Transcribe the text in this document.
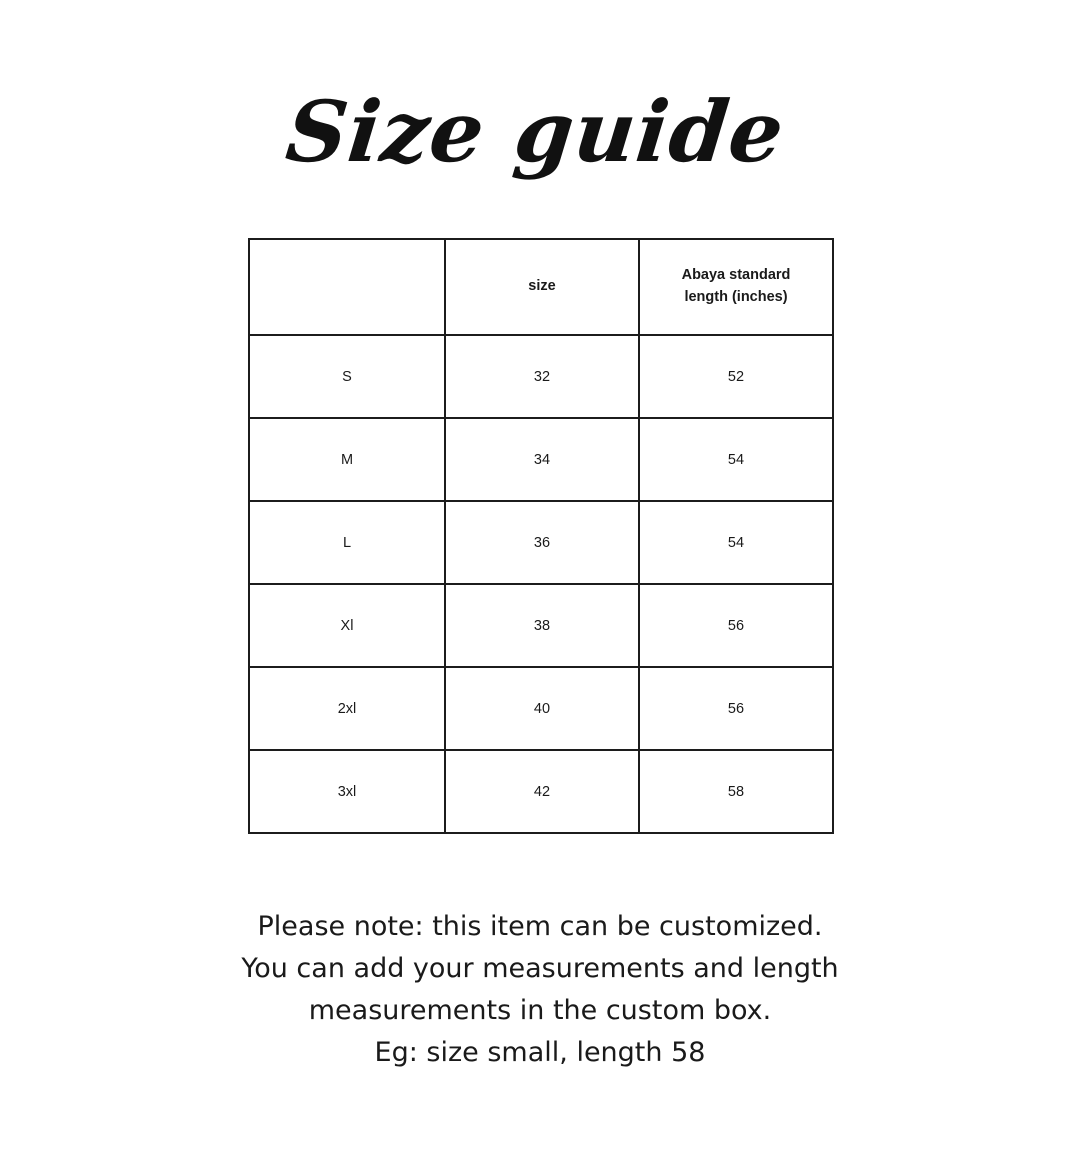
Size guide
	size	Abaya standard
length (inches)
S	32	52
M	34	54
L	36	54
Xl	38	56
2xl	40	56
3xl	42	58
Please note: this item can be customized.
You can add your measurements and length
measurements in the custom box.
Eg: size small, length 58
